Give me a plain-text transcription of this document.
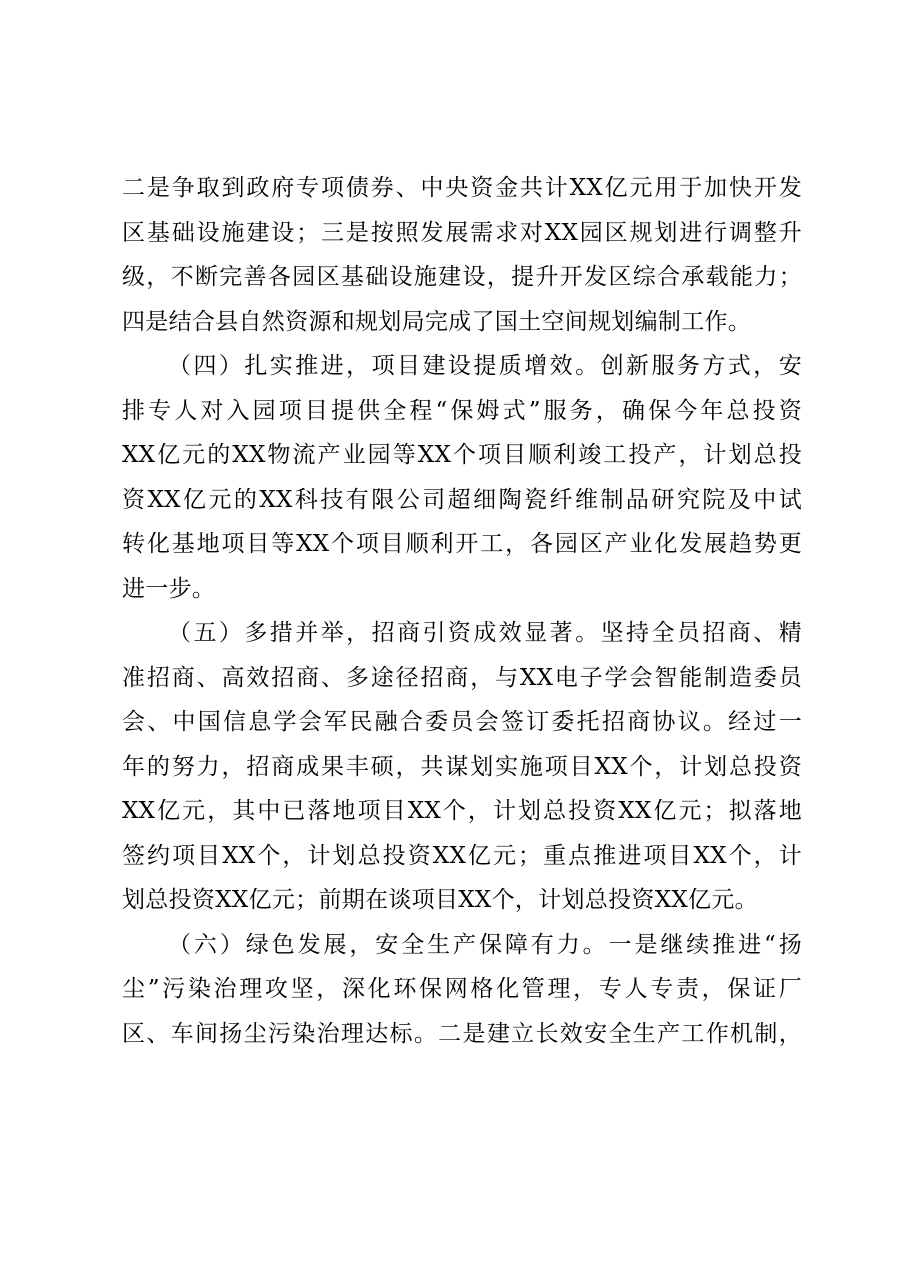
二是争取到政府专项债券、中央资金共计XX亿元用于加快开发
区基础设施建设；三是按照发展需求对XX园区规划进行调整升
级，不断完善各园区基础设施建设，提升开发区综合承载能力；
四是结合县自然资源和规划局完成了国土空间规划编制工作。
（四）扎实推进，项目建设提质增效。创新服务方式，安
排专人对入园项目提供全程“保姆式”服务，确保今年总投资
XX亿元的XX物流产业园等XX个项目顺利竣工投产，计划总投
资XX亿元的XX科技有限公司超细陶瓷纤维制品研究院及中试
转化基地项目等XX个项目顺利开工，各园区产业化发展趋势更
进一步。
（五）多措并举，招商引资成效显著。坚持全员招商、精
准招商、高效招商、多途径招商，与XX电子学会智能制造委员
会、中国信息学会军民融合委员会签订委托招商协议。经过一
年的努力，招商成果丰硕，共谋划实施项目XX个，计划总投资
XX亿元，其中已落地项目XX个，计划总投资XX亿元；拟落地
签约项目XX个，计划总投资XX亿元；重点推进项目XX个，计
划总投资XX亿元；前期在谈项目XX个，计划总投资XX亿元。
（六）绿色发展，安全生产保障有力。一是继续推进“扬
尘”污染治理攻坚，深化环保网格化管理，专人专责，保证厂
区、车间扬尘污染治理达标。二是建立长效安全生产工作机制，
